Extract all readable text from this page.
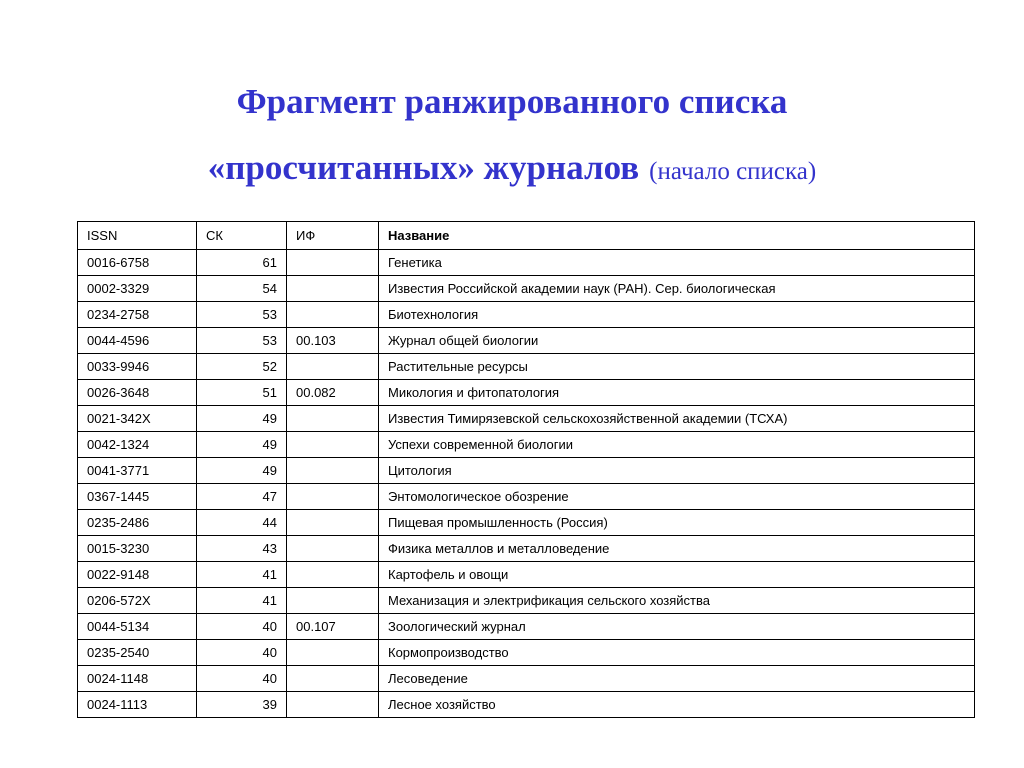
Фрагмент ранжированного списка
«просчитанных» журналов (начало списка)
ISSN	СК	ИФ	Название
0016-6758	61		Генетика
0002-3329	54		Известия Российской академии наук (РАН). Сер. биологическая
0234-2758	53		Биотехнология
0044-4596	53	00.103	Журнал общей биологии
0033-9946	52		Растительные ресурсы
0026-3648	51	00.082	Микология и фитопатология
0021-342X	49		Известия Тимирязевской сельскохозяйственной академии (ТСХА)
0042-1324	49		Успехи современной биологии
0041-3771	49		Цитология
0367-1445	47		Энтомологическое обозрение
0235-2486	44		Пищевая промышленность (Россия)
0015-3230	43		Физика металлов и металловедение
0022-9148	41		Картофель и овощи
0206-572X	41		Механизация и электрификация сельского хозяйства
0044-5134	40	00.107	Зоологический журнал
0235-2540	40		Кормопроизводство
0024-1148	40		Лесоведение
0024-1113	39		Лесное хозяйство
